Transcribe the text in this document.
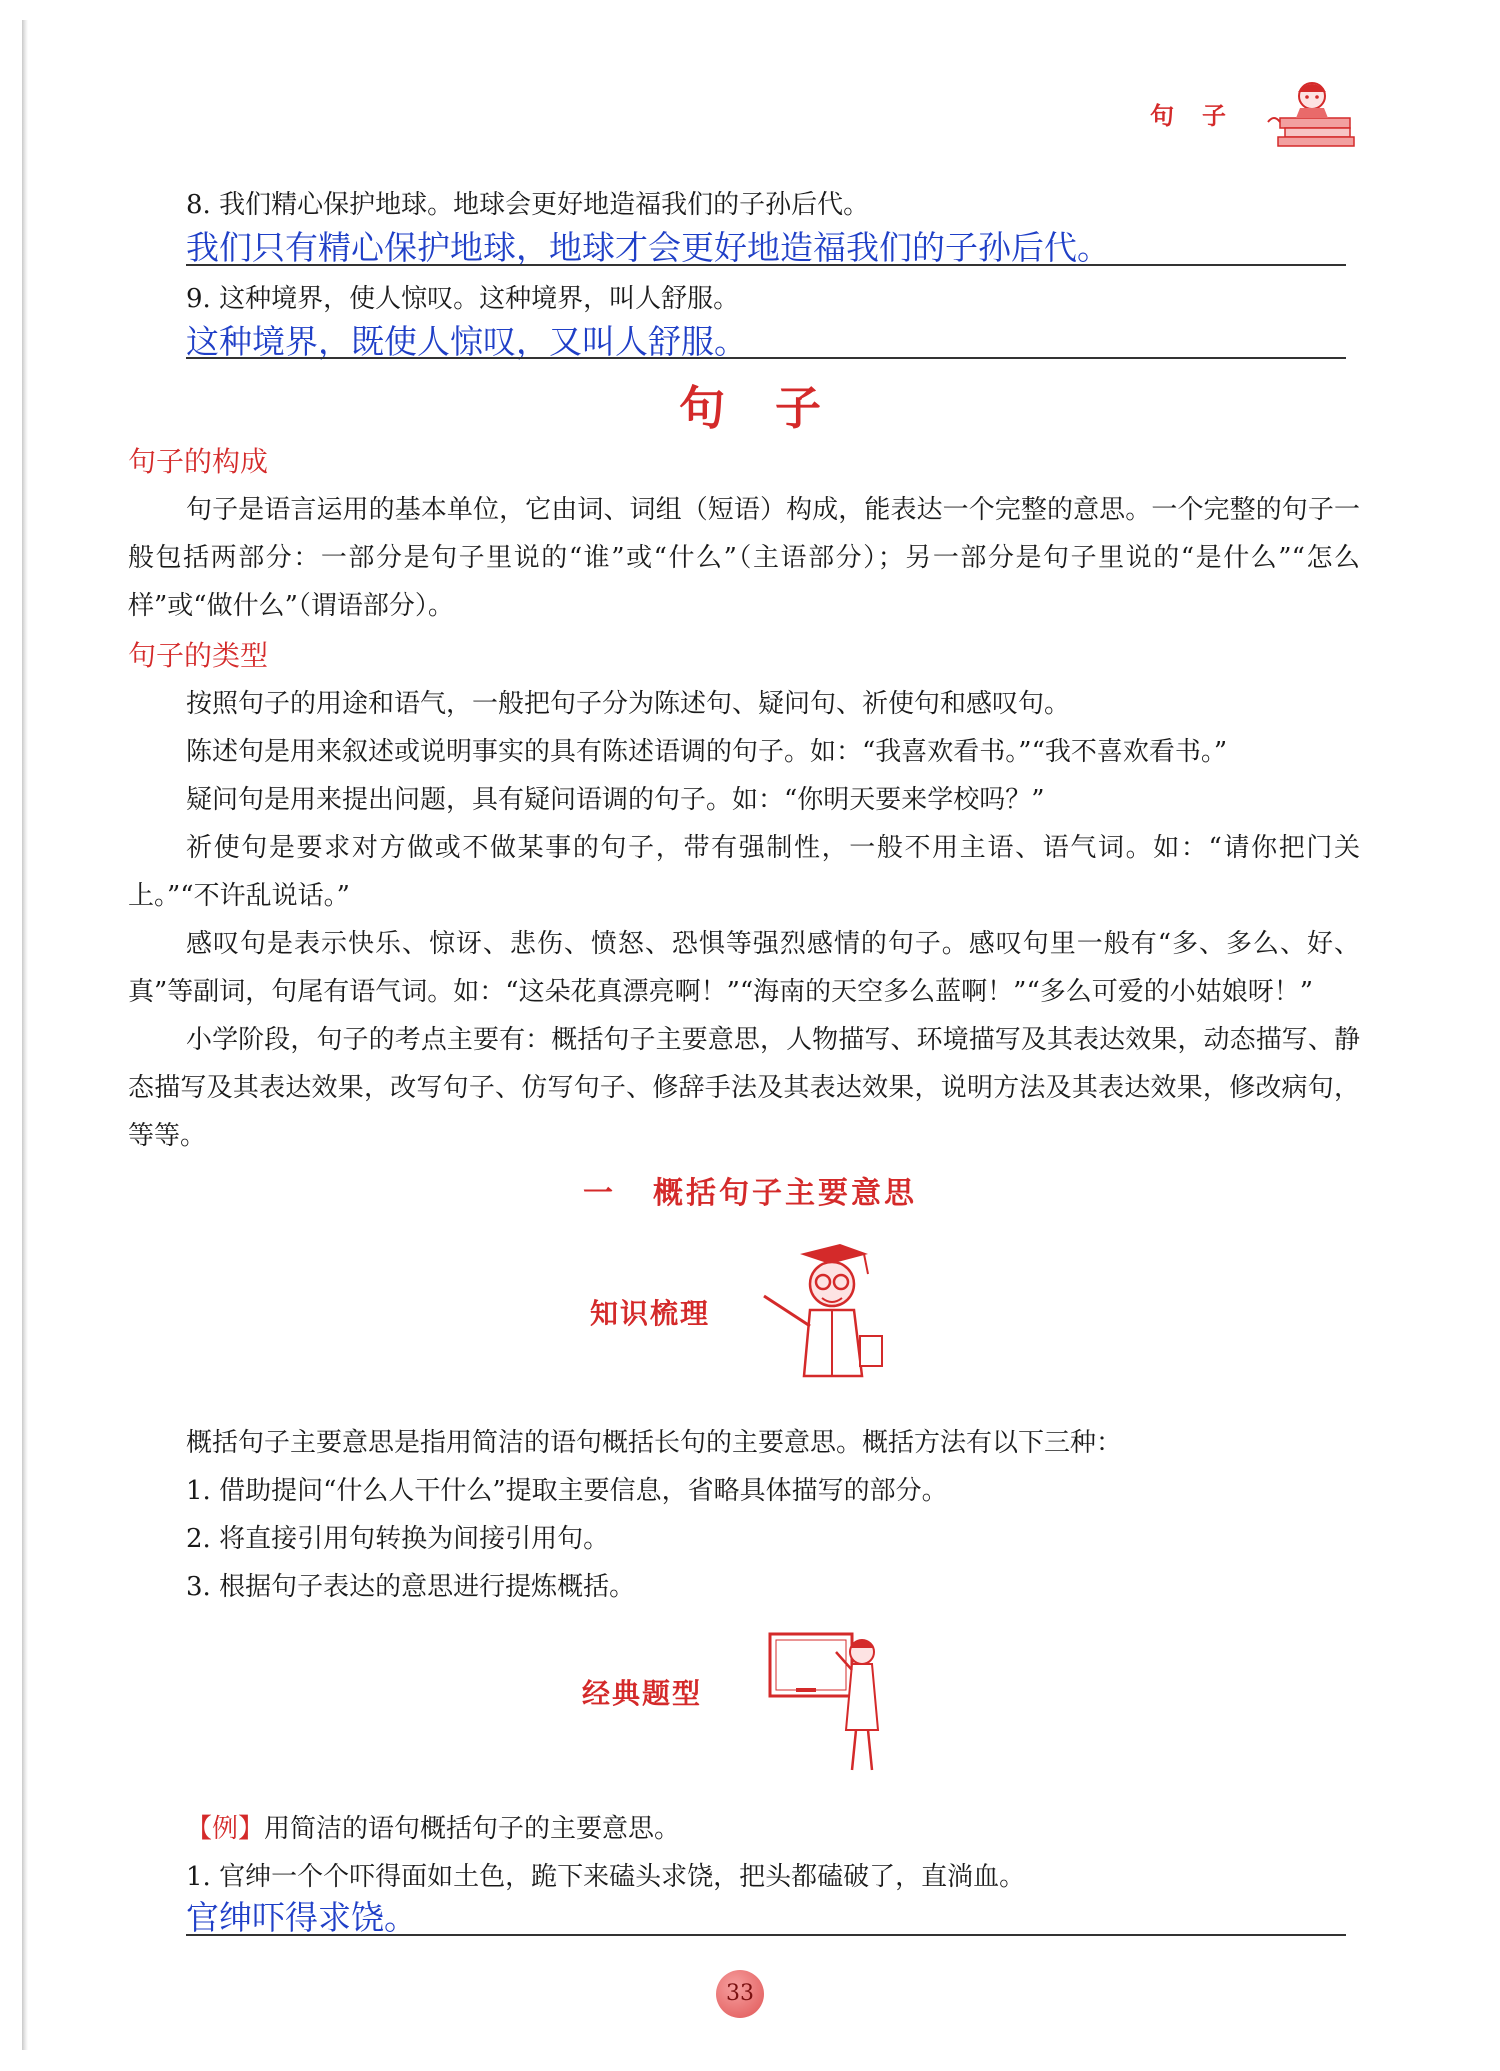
句子
8. 我们精心保护地球。地球会更好地造福我们的子孙后代。
我们只有精心保护地球，地球才会更好地造福我们的子孙后代。
9. 这种境界，使人惊叹。这种境界，叫人舒服。
这种境界，既使人惊叹，又叫人舒服。
句子
句子的构成

句子是语言运用的基本单位，它由词、词组（短语）构成，能表达一个完整的意思。一个完整的句子一般包括两部分：一部分是句子里说的“谁”或“什么”（主语部分）；另一部分是句子里说的“是什么”“怎么样”或“做什么”（谓语部分）。

句子的类型

按照句子的用途和语气，一般把句子分为陈述句、疑问句、祈使句和感叹句。

陈述句是用来叙述或说明事实的具有陈述语调的句子。如：“我喜欢看书。”“我不喜欢看书。”

疑问句是用来提出问题，具有疑问语调的句子。如：“你明天要来学校吗？”

祈使句是要求对方做或不做某事的句子，带有强制性，一般不用主语、语气词。如：“请你把门关上。”“不许乱说话。”

感叹句是表示快乐、惊讶、悲伤、愤怒、恐惧等强烈感情的句子。感叹句里一般有“多、多么、好、真”等副词，句尾有语气词。如：“这朵花真漂亮啊！”“海南的天空多么蓝啊！”“多么可爱的小姑娘呀！”

小学阶段，句子的考点主要有：概括句子主要意思，人物描写、环境描写及其表达效果，动态描写、静态描写及其表达效果，改写句子、仿写句子、修辞手法及其表达效果，说明方法及其表达效果，修改病句，等等。

一 概括句子主要意思
知识梳理
概括句子主要意思是指用简洁的语句概括长句的主要意思。概括方法有以下三种：
1. 借助提问“什么人干什么”提取主要信息，省略具体描写的部分。
2. 将直接引用句转换为间接引用句。
3. 根据句子表达的意思进行提炼概括。
经典题型
【例】用简洁的语句概括句子的主要意思。
1. 官绅一个个吓得面如土色，跪下来磕头求饶，把头都磕破了，直淌血。
官绅吓得求饶。
33
